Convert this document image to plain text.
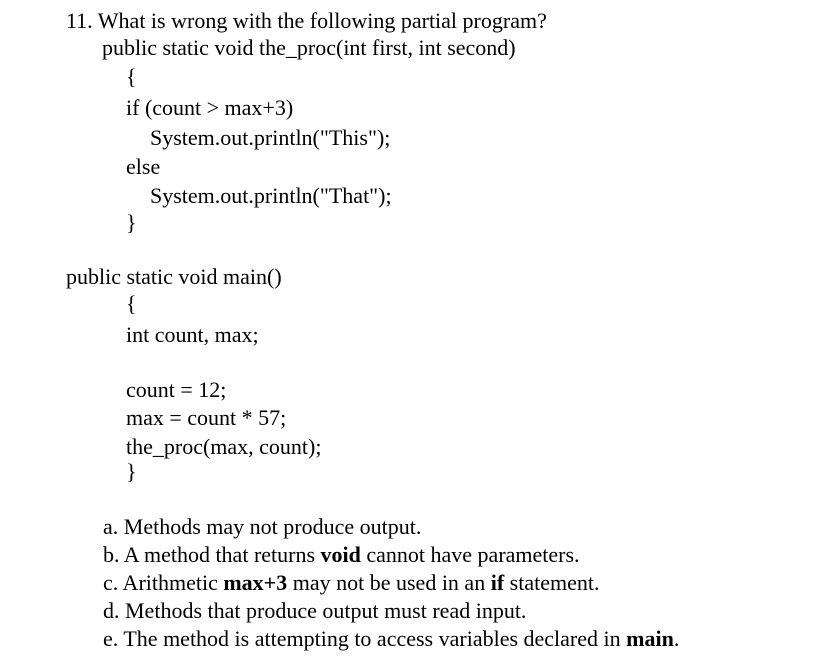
11. What is wrong with the following partial program?
public static void the_proc(int first, int second)
{
if (count > max+3)
System.out.println("This");
else
System.out.println("That");
}
public static void main()
{
int count, max;
count = 12;
max = count * 57;
the_proc(max, count);
}
a. Methods may not produce output.
b. A method that returns void cannot have parameters.
c. Arithmetic max+3 may not be used in an if statement.
d. Methods that produce output must read input.
e. The method is attempting to access variables declared in main.
